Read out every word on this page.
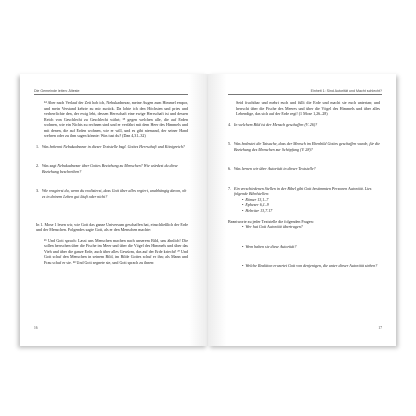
Die Gemeinde leiten: Älteste

³⁴ Aber nach Verlauf der Zeit hob ich, Nebukadnezar, meine Augen zum Himmel empor, und mein Verstand kehrte zu mir zurück. Da lobte ich den Höchsten und pries und verherrlichte den, der ewig lebt, dessen Herrschaft eine ewige Herrschaft ist und dessen Reich von Geschlecht zu Geschlecht währt; ³⁵ gegen welchen alle, die auf Erden wohnen, wie ein Nichts zu rechnen sind und er verfährt mit dem Heer des Himmels und mit denen, die auf Erden wohnen, wie er will, und es gibt niemand, der seiner Hand wehren oder zu ihm sagen könnte: Was tust du? (Dan 4,31–32)

1. Was bekennt Nebukadnezar in dieser Textstelle bzgl. Gottes Herrschaft und Königreich?
2. Was sagt Nebukadnezar über Gottes Beziehung zu Menschen? Wie würdest du diese Beziehung beschreiben?
3. Wie reagierst du, wenn du realisierst, dass Gott über alles regiert, unabhängig davon, ob es in deinem Leben gut läuft oder nicht?

In 1. Mose 1 lesen wir, wie Gott das ganze Universum geschaffen hat, einschließlich der Erde und der Menschen. Folgendes sagte Gott, als er den Menschen machte:

²⁶ Und Gott sprach: Lasst uns Menschen machen nach unserem Bild, uns ähnlich! Die sollen herrschen über die Fische im Meer und über die Vögel des Himmels und über das Vieh und über die ganze Erde, auch über alles Gewürm, das auf der Erde kriecht! ²⁷ Und Gott schuf den Menschen in seinem Bild, im Bilde Gottes schuf er ihn; als Mann und Frau schuf er sie. ²⁸ Und Gott segnete sie, und Gott sprach zu ihnen:

16
Einheit 1: Sind Autorität und Macht schlecht?

Seid fruchtbar und mehrt euch und füllt die Erde und macht sie euch untertan; und herrscht über die Fische des Meeres und über die Vögel des Himmels und über alles Lebendige, das sich auf der Erde regt! (1 Mose 1,26–28)

4. In welchem Bild ist der Mensch geschaffen (V. 26)?
5. Was bedeutet die Tatsache, dass der Mensch im Ebenbild Gottes geschaffen wurde, für die Beziehung des Menschen zur Schöpfung (V. 28)?
6. Was lernen wir über Autorität in dieser Textstelle?
7. Ein verschiedenen Stellen in der Bibel gibt Gott bestimmten Personen Autorität. Lies folgende Bibelstellen:
• Römer 13,1–7
• Epheser 6,1–9
• Hebräer 13,7.17

Beantworte zu jeder Textstelle die folgenden Fragen:

• Wer hat Gott Autorität übertragen?
• Wem haben sie diese Autorität?
• Welche Reaktion erwartet Gott von denjenigen, die unter dieser Autorität stehen?
17
